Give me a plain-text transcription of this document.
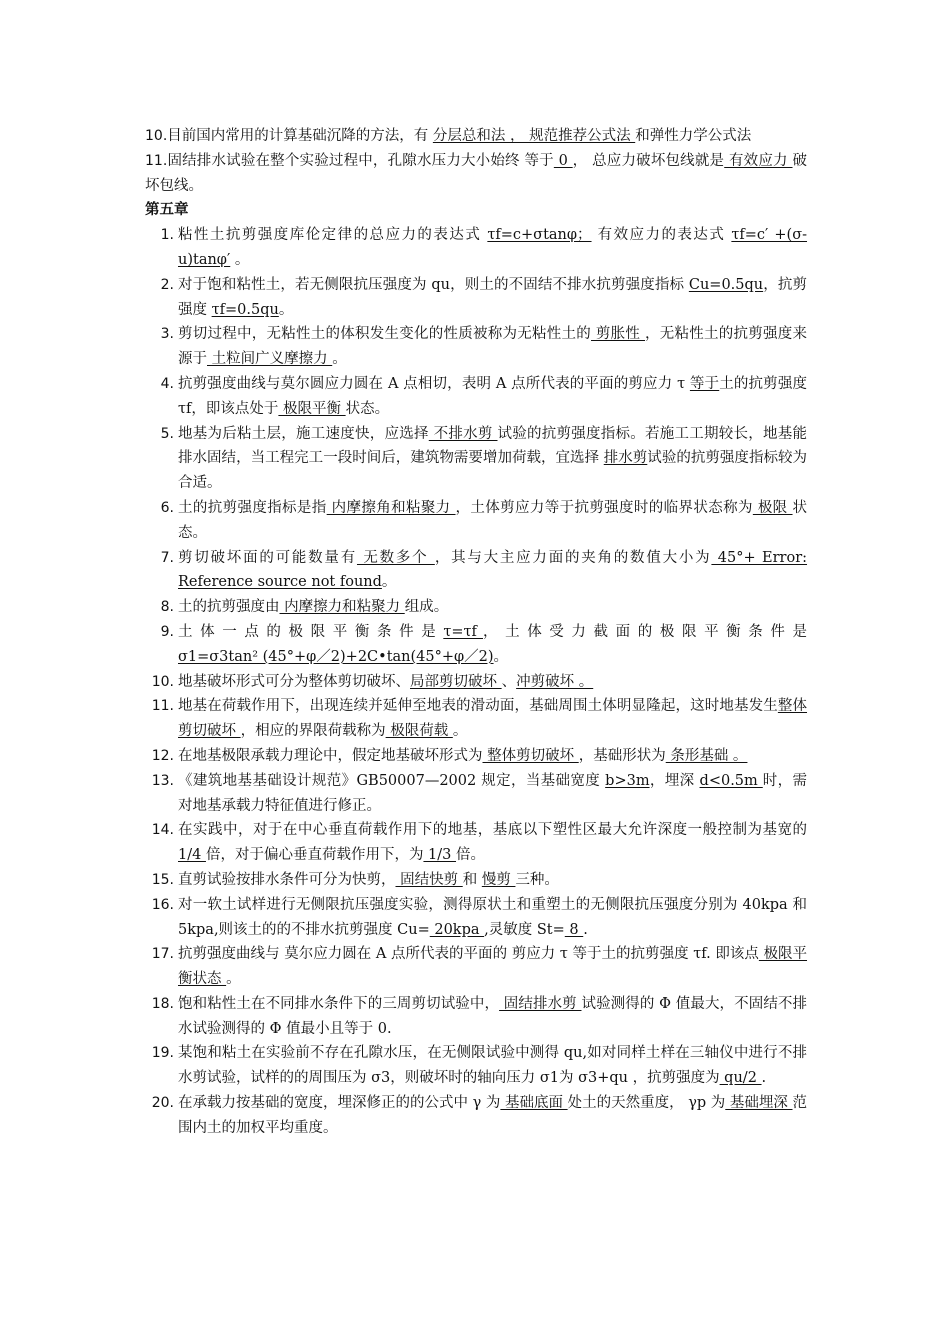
10.目前国内常用的计算基础沉降的方法，有 分层总和法 ， 规范推荐公式法 和弹性力学公式法

11.固结排水试验在整个实验过程中，孔隙水压力大小始终 等于 0 ， 总应力破坏包线就是 有效应力 破坏包线。

第五章

1. 粘性土抗剪强度库伦定律的总应力的表达式 τf=c+σtanφ； 有效应力的表达式 τf=c′ +(σ-u)tanφ′ 。
2. 对于饱和粘性土，若无侧限抗压强度为 qu，则土的不固结不排水抗剪强度指标 Cu=0.5qu，抗剪强度 τf=0.5qu。
3. 剪切过程中，无粘性土的体积发生变化的性质被称为无粘性土的 剪胀性 ，无粘性土的抗剪强度来源于 土粒间广义摩擦力 。
4. 抗剪强度曲线与莫尔圆应力圆在 A 点相切，表明 A 点所代表的平面的剪应力 τ 等于土的抗剪强度 τf，即该点处于 极限平衡 状态。
5. 地基为后粘土层，施工速度快，应选择 不排水剪 试验的抗剪强度指标。若施工工期较长，地基能排水固结，当工程完工一段时间后，建筑物需要增加荷载，宜选择 排水剪试验的抗剪强度指标较为合适。
6. 土的抗剪强度指标是指 内摩擦角和粘聚力 ，土体剪应力等于抗剪强度时的临界状态称为 极限 状态。
7. 剪切破坏面的可能数量有 无数多个 ，其与大主应力面的夹角的数值大小为 45°+ Error: Reference source not found。
8. 土的抗剪强度由 内摩擦力和粘聚力 组成。
9. 土 体 一 点 的 极 限 平 衡 条 件 是 τ=τf ， 土 体 受 力 截 面 的 极 限 平 衡 条 件 是 σ1=σ3tan² (45°+φ／2)+2C•tan(45°+φ／2)。
10. 地基破坏形式可分为整体剪切破坏、局部剪切破坏 、冲剪破坏 。
11. 地基在荷载作用下，出现连续并延伸至地表的滑动面，基础周围土体明显隆起，这时地基发生整体剪切破坏 ，相应的界限荷载称为 极限荷载 。
12. 在地基极限承载力理论中，假定地基破坏形式为 整体剪切破坏 ，基础形状为 条形基础 。
13. 《建筑地基基础设计规范》GB50007—2002 规定，当基础宽度 b>3m，埋深 d<0.5m 时，需对地基承载力特征值进行修正。
14. 在实践中，对于在中心垂直荷载作用下的地基，基底以下塑性区最大允许深度一般控制为基宽的 1/4 倍，对于偏心垂直荷载作用下，为 1/3 倍。
15. 直剪试验按排水条件可分为快剪， 固结快剪 和 慢剪 三种。
16. 对一软土试样进行无侧限抗压强度实验，测得原状土和重塑土的无侧限抗压强度分别为 40kpa 和 5kpa,则该土的的不排水抗剪强度 Cu= 20kpa ,灵敏度 St= 8 .
17. 抗剪强度曲线与 莫尔应力圆在 A 点所代表的平面的 剪应力 τ 等于土的抗剪强度 τf. 即该点 极限平衡状态 。
18. 饱和粘性土在不同排水条件下的三周剪切试验中， 固结排水剪 试验测得的 Φ 值最大，不固结不排水试验测得的 Φ 值最小且等于 0.
19. 某饱和粘土在实验前不存在孔隙水压，在无侧限试验中测得 qu,如对同样土样在三轴仪中进行不排水剪试验，试样的的周围压为 σ3，则破坏时的轴向压力 σ1为 σ3+qu ，抗剪强度为 qu/2 .
20. 在承载力按基础的宽度，埋深修正的的公式中 γ 为 基础底面 处土的天然重度， γp 为 基础埋深 范围内土的加权平均重度。
